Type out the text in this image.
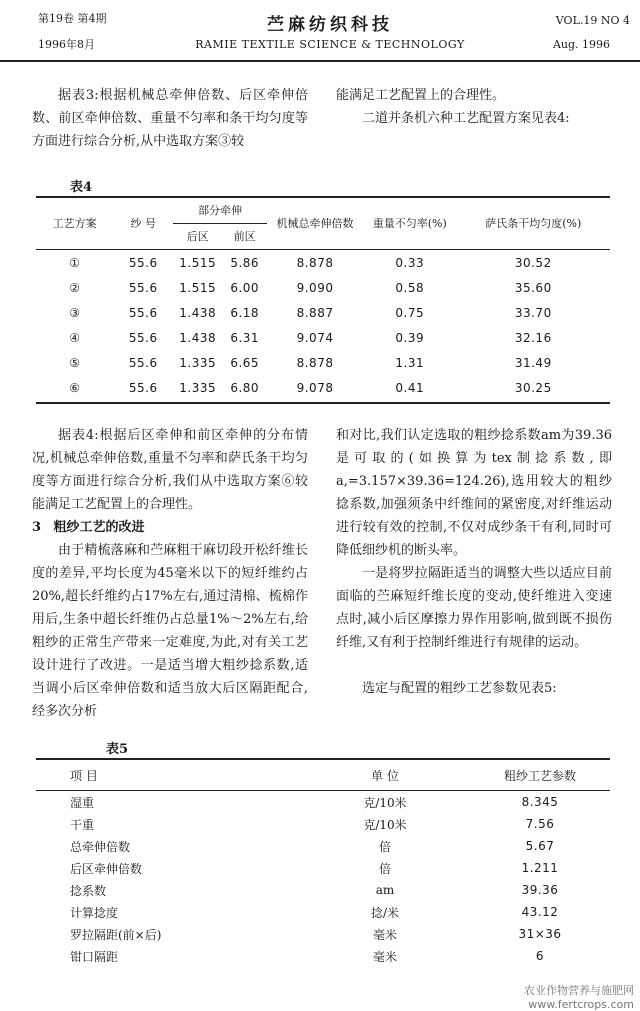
第19卷 第4期
1996年8月
苎麻纺织科技
RAMIE TEXTILE SCIENCE & TECHNOLOGY
VOL.19 NO 4
Aug. 1996
据表3:根据机械总牵伸倍数、后区牵伸倍数、前区牵伸倍数、重量不匀率和条干均匀度等方面进行综合分析,从中选取方案③较
能满足工艺配置上的合理性。
二道并条机六种工艺配置方案见表4:
表4
工艺方案	纱 号	部分牵伸		机械总牵伸倍数	重量不匀率(%)	萨氏条干均匀度(%)
		后区	前区			
①	55.6	1.515	5.86	8.878	0.33	30.52
②	55.6	1.515	6.00	9.090	0.58	35.60
③	55.6	1.438	6.18	8.887	0.75	33.70
④	55.6	1.438	6.31	9.074	0.39	32.16
⑤	55.6	1.335	6.65	8.878	1.31	31.49
⑥	55.6	1.335	6.80	9.078	0.41	30.25
据表4:根据后区牵伸和前区牵伸的分布情况,机械总牵伸倍数,重量不匀率和萨氏条干均匀度等方面进行综合分析,我们从中选取方案⑥较能满足工艺配置上的合理性。
3 粗纱工艺的改进
由于精梳落麻和苎麻粗干麻切段开松纤维长度的差异,平均长度为45毫米以下的短纤维约占20%,超长纤维约占17%左右,通过清棉、梳棉作用后,生条中超长纤维仍占总量1%～2%左右,给粗纱的正常生产带来一定难度,为此,对有关工艺设计进行了改进。一是适当增大粗纱捻系数,适当调小后区牵伸倍数和适当放大后区隔距配合,经多次分析
和对比,我们认定选取的粗纱捻系数am为39.36是可取的(如换算为tex制捻系数,即a,=3.157×39.36=124.26),选用较大的粗纱捻系数,加强须条中纤维间的紧密度,对纤维运动进行较有效的控制,不仅对成纱条干有利,同时可降低细纱机的断头率。
一是将罗拉隔距适当的调整大些以适应目前面临的苎麻短纤维长度的变动,使纤维进入变速点时,减小后区摩擦力界作用影响,做到既不损伤纤维,又有利于控制纤维进行有规律的运动。
选定与配置的粗纱工艺参数见表5:
表5
项 目	单 位	粗纱工艺参数
湿重	克/10米	8.345
干重	克/10米	7.56
总牵伸倍数	倍	5.67
后区牵伸倍数	倍	1.211
捻系数	am	39.36
计算捻度	捻/米	43.12
罗拉隔距(前×后)	毫米	31×36
钳口隔距	毫米	6
农业作物营养与施肥网 www.fertcrops.com
